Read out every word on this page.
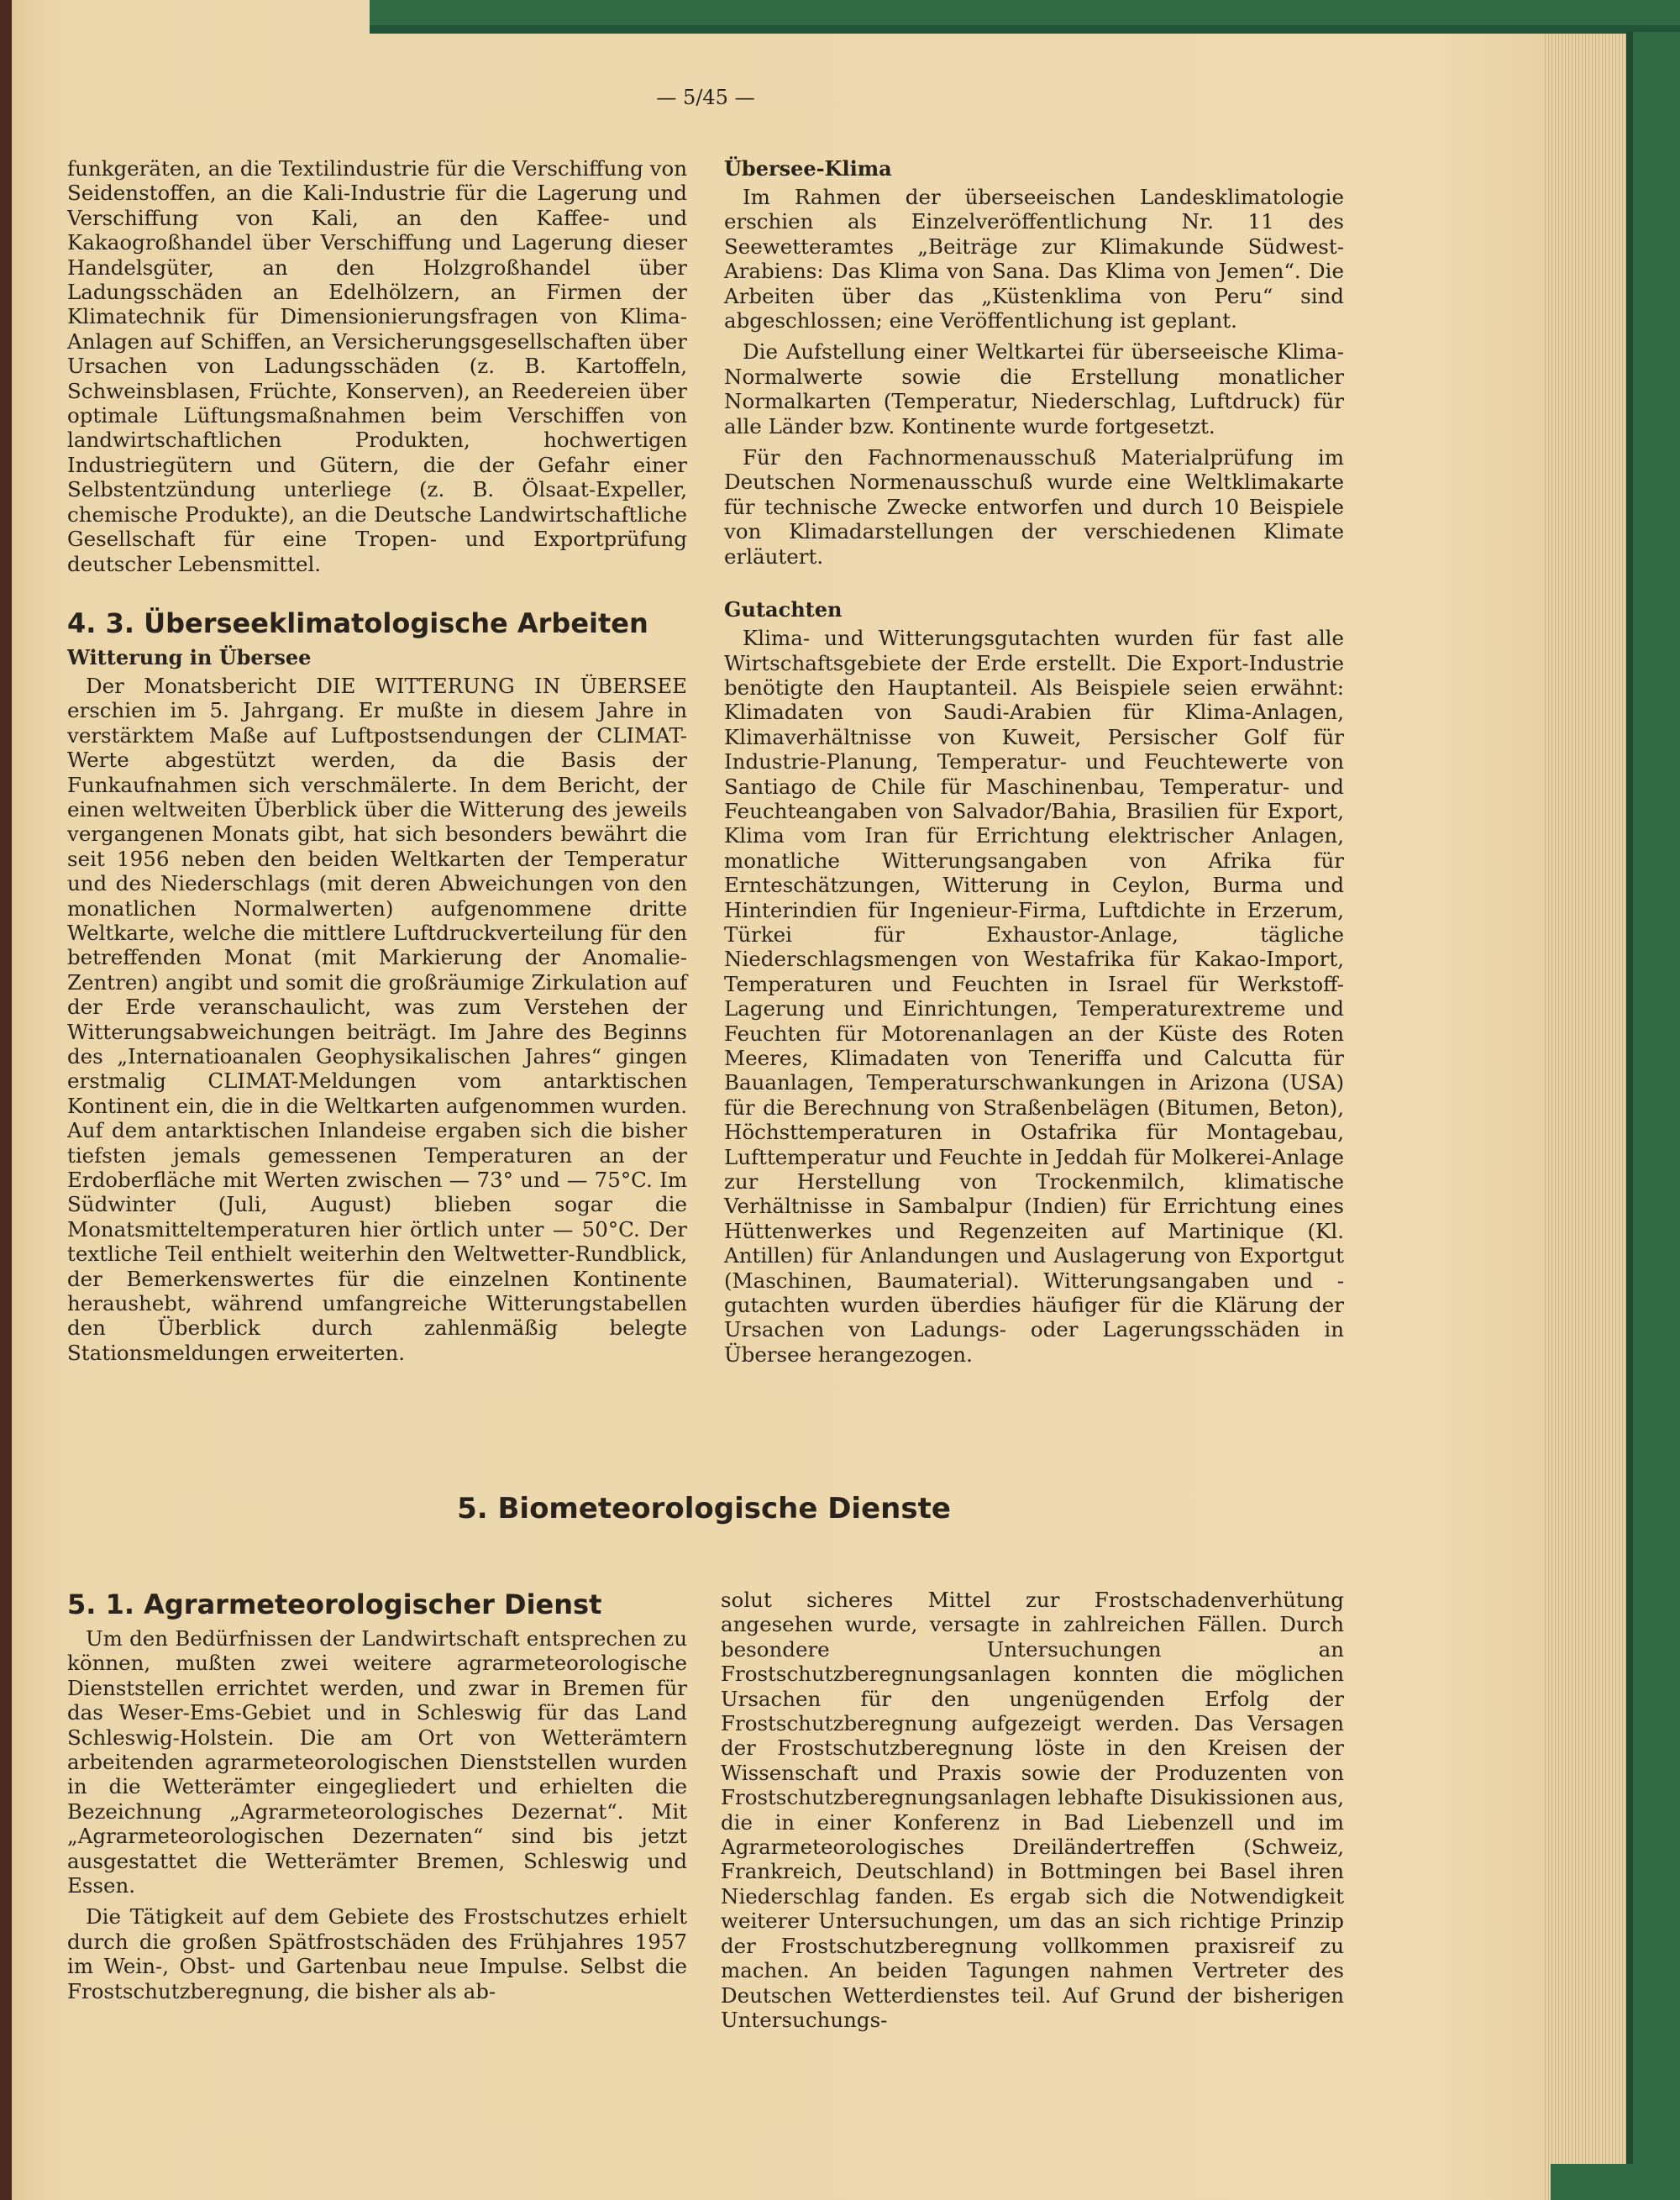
— 5/45 —

funkgeräten, an die Textilindustrie für die Verschiffung von Seidenstoffen, an die Kali-Industrie für die Lagerung und Verschiffung von Kali, an den Kaffee- und Kakaogroßhandel über Verschiffung und Lagerung dieser Handelsgüter, an den Holzgroßhandel über Ladungsschäden an Edelhölzern, an Firmen der Klimatechnik für Dimensionierungsfragen von Klima-Anlagen auf Schiffen, an Versicherungsgesellschaften über Ursachen von Ladungsschäden (z. B. Kartoffeln, Schweinsblasen, Früchte, Konserven), an Reedereien über optimale Lüftungsmaßnahmen beim Verschiffen von landwirtschaftlichen Produkten, hochwertigen Industriegütern und Gütern, die der Gefahr einer Selbstentzündung unterliege (z. B. Ölsaat-Expeller, chemische Produkte), an die Deutsche Landwirtschaftliche Gesellschaft für eine Tropen- und Exportprüfung deutscher Lebensmittel.

4. 3. Überseeklimatologische Arbeiten
Witterung in Übersee

Der Monatsbericht DIE WITTERUNG IN ÜBERSEE erschien im 5. Jahrgang. Er mußte in diesem Jahre in verstärktem Maße auf Luftpostsendungen der CLIMAT-Werte abgestützt werden, da die Basis der Funkaufnahmen sich verschmälerte. In dem Bericht, der einen weltweiten Überblick über die Witterung des jeweils vergangenen Monats gibt, hat sich besonders bewährt die seit 1956 neben den beiden Weltkarten der Temperatur und des Niederschlags (mit deren Abweichungen von den monatlichen Normalwerten) aufgenommene dritte Weltkarte, welche die mittlere Luftdruckverteilung für den betreffenden Monat (mit Markierung der Anomalie-Zentren) angibt und somit die großräumige Zirkulation auf der Erde veranschaulicht, was zum Verstehen der Witterungsabweichungen beiträgt. Im Jahre des Beginns des „Internatioanalen Geophysikalischen Jahres“ gingen erstmalig CLIMAT-Meldungen vom antarktischen Kontinent ein, die in die Weltkarten aufgenommen wurden. Auf dem antarktischen Inlandeise ergaben sich die bisher tiefsten jemals gemessenen Temperaturen an der Erdoberfläche mit Werten zwischen — 73° und — 75°C. Im Südwinter (Juli, August) blieben sogar die Monatsmitteltemperaturen hier örtlich unter — 50°C. Der textliche Teil enthielt weiterhin den Weltwetter-Rundblick, der Bemerkenswertes für die einzelnen Kontinente heraushebt, während umfangreiche Witterungstabellen den Überblick durch zahlenmäßig belegte Stationsmeldungen erweiterten.

Übersee-Klima

Im Rahmen der überseeischen Landesklimatologie erschien als Einzelveröffentlichung Nr. 11 des Seewetteramtes „Beiträge zur Klimakunde Südwest-Arabiens: Das Klima von Sana. Das Klima von Jemen“. Die Arbeiten über das „Küstenklima von Peru“ sind abgeschlossen; eine Veröffentlichung ist geplant.

Die Aufstellung einer Weltkartei für überseeische Klima-Normalwerte sowie die Erstellung monatlicher Normalkarten (Temperatur, Niederschlag, Luftdruck) für alle Länder bzw. Kontinente wurde fortgesetzt.

Für den Fachnormenausschuß Materialprüfung im Deutschen Normenausschuß wurde eine Weltklimakarte für technische Zwecke entworfen und durch 10 Beispiele von Klimadarstellungen der verschiedenen Klimate erläutert.

Gutachten

Klima- und Witterungsgutachten wurden für fast alle Wirtschaftsgebiete der Erde erstellt. Die Export-Industrie benötigte den Hauptanteil. Als Beispiele seien erwähnt: Klimadaten von Saudi-Arabien für Klima-Anlagen, Klimaverhältnisse von Kuweit, Persischer Golf für Industrie-Planung, Temperatur- und Feuchtewerte von Santiago de Chile für Maschinenbau, Temperatur- und Feuchteangaben von Salvador/Bahia, Brasilien für Export, Klima vom Iran für Errichtung elektrischer Anlagen, monatliche Witterungsangaben von Afrika für Ernteschätzungen, Witterung in Ceylon, Burma und Hinterindien für Ingenieur-Firma, Luftdichte in Erzerum, Türkei für Exhaustor-Anlage, tägliche Niederschlagsmengen von Westafrika für Kakao-Import, Temperaturen und Feuchten in Israel für Werkstoff-Lagerung und Einrichtungen, Temperaturextreme und Feuchten für Motorenanlagen an der Küste des Roten Meeres, Klimadaten von Teneriffa und Calcutta für Bauanlagen, Temperaturschwankungen in Arizona (USA) für die Berechnung von Straßenbelägen (Bitumen, Beton), Höchsttemperaturen in Ostafrika für Montagebau, Lufttemperatur und Feuchte in Jeddah für Molkerei-Anlage zur Herstellung von Trockenmilch, klimatische Verhältnisse in Sambalpur (Indien) für Errichtung eines Hüttenwerkes und Regenzeiten auf Martinique (Kl. Antillen) für Anlandungen und Auslagerung von Exportgut (Maschinen, Baumaterial). Witterungsangaben und -gutachten wurden überdies häufiger für die Klärung der Ursachen von Ladungs- oder Lagerungsschäden in Übersee herangezogen.

5. Biometeorologische Dienste
5. 1. Agrarmeteorologischer Dienst

Um den Bedürfnissen der Landwirtschaft entsprechen zu können, mußten zwei weitere agrarmeteorologische Dienststellen errichtet werden, und zwar in Bremen für das Weser-Ems-Gebiet und in Schleswig für das Land Schleswig-Holstein. Die am Ort von Wetterämtern arbeitenden agrarmeteorologischen Dienststellen wurden in die Wetterämter eingegliedert und erhielten die Bezeichnung „Agrarmeteorologisches Dezernat“. Mit „Agrarmeteorologischen Dezernaten“ sind bis jetzt ausgestattet die Wetterämter Bremen, Schleswig und Essen.

Die Tätigkeit auf dem Gebiete des Frostschutzes erhielt durch die großen Spätfrostschäden des Frühjahres 1957 im Wein-, Obst- und Gartenbau neue Impulse. Selbst die Frostschutzberegnung, die bisher als ab-

solut sicheres Mittel zur Frostschadenverhütung angesehen wurde, versagte in zahlreichen Fällen. Durch besondere Untersuchungen an Frostschutzberegnungsanlagen konnten die möglichen Ursachen für den ungenügenden Erfolg der Frostschutzberegnung aufgezeigt werden. Das Versagen der Frostschutzberegnung löste in den Kreisen der Wissenschaft und Praxis sowie der Produzenten von Frostschutzberegnungsanlagen lebhafte Disukissionen aus, die in einer Konferenz in Bad Liebenzell und im Agrarmeteorologisches Dreiländertreffen (Schweiz, Frankreich, Deutschland) in Bottmingen bei Basel ihren Niederschlag fanden. Es ergab sich die Notwendigkeit weiterer Untersuchungen, um das an sich richtige Prinzip der Frostschutzberegnung vollkommen praxisreif zu machen. An beiden Tagungen nahmen Vertreter des Deutschen Wetterdienstes teil. Auf Grund der bisherigen Untersuchungs-
